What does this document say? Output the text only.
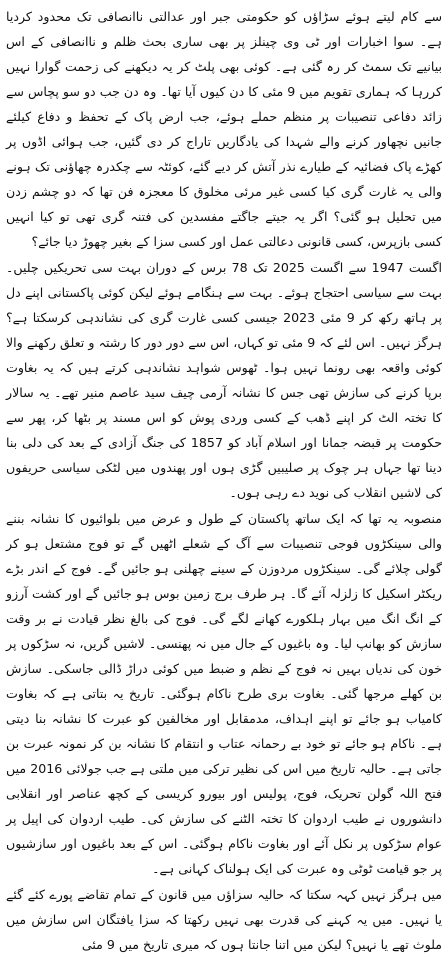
سے کام لیتے ہوئے سڑاؤں کو حکومتی جبر اور عدالتی ناانصافی تک محدود کردیا ہے۔ سوا اخبارات اور ٹی وی چینلز پر بھی ساری بحث ظلم و ناانصافی کے اس بیانیے تک سمٹ کر رہ گئی ہے۔ کوئی بھی پلٹ کر یہ دیکھنے کی زحمت گوارا نہیں کررہا کہ ہماری تقویم میں 9 مئی کا دن کیوں آیا تھا۔ وہ دن جب دو سو پچاس سے زائد دفاعی تنصیبات پر منظم حملے ہوئے، جب ارض پاک کے تحفظ و دفاع کیلئے جانیں نچھاور کرنے والے شہدا کی یادگاریں تاراج کر دی گئیں، جب ہوائی اڈوں پر کھڑے پاک فضائیہ کے طیارے نذر آتش کر دیے گئے، کوئٹہ سے چکدرہ چھاؤنی تک ہونے والی یہ غارت گری کیا کسی غیر مرئی مخلوق کا معجزہ فن تھا کہ دو چشم زدن میں تحلیل ہو گئی؟ اگر یہ جیتے جاگتے مفسدین کی فتنہ گری تھی تو کیا انہیں کسی بازپرس، کسی قانونی دعالتی عمل اور کسی سزا کے بغیر چھوڑ دیا جائے؟

اگست 1947 سے اگست 2025 تک 78 برس کے دوران بہت سی تحریکیں چلیں۔ بہت سے سیاسی احتجاج ہوئے۔ بہت سے ہنگامے ہوئے لیکن کوئی پاکستانی اپنے دل پر ہاتھ رکھ کر 9 مئی 2023 جیسی کسی غارت گری کی نشاندہی کرسکتا ہے؟ ہرگز نہیں۔ اس لئے کہ 9 مئی تو کہاں، اس سے دور دور کا رشتہ و تعلق رکھنے والا کوئی واقعہ بھی رونما نہیں ہوا۔ ٹھوس شواہد نشاندہی کرتے ہیں کہ یہ بغاوت برپا کرنے کی سازش تھی جس کا نشانہ آرمی چیف سید عاصم منیر تھے۔ یہ سالار کا تختہ الٹ کر اپنے ڈھب کے کسی وردی پوش کو اس مسند پر بٹھا کر، پھر سے حکومت پر قبضہ جمانا اور اسلام آباد کو 1857 کی جنگ آزادی کے بعد کی دلی بنا دینا تھا جہاں ہر چوک پر صلیبیں گڑی ہوں اور پھندوں میں لٹکی سیاسی حریفوں کی لاشیں انقلاب کی نوید دے رہی ہوں۔

منصوبہ یہ تھا کہ ایک ساتھ پاکستان کے طول و عرض میں بلوائیوں کا نشانہ بننے والی سینکڑوں فوجی تنصیبات سے آگ کے شعلے اٹھیں گے تو فوج مشتعل ہو کر گولی چلائے گی۔ سینکڑوں مردوزن کے سینے چھلنی ہو جائیں گے۔ فوج کے اندر بڑے ریکٹر اسکیل کا زلزلہ آئے گا۔ ہر طرف برج زمین بوس ہو جائیں گے اور کشت آرزو کے انگ انگ میں بہار ہلکورے کھانے لگے گی۔ فوج کی بالغ نظر قیادت نے بر وقت سازش کو بھانپ لیا۔ وہ باغیوں کے جال میں نہ پھنسی۔ لاشیں گریں، نہ سڑکوں پر خون کی ندیاں بہیں نہ فوج کے نظم و ضبط میں کوئی دراڑ ڈالی جاسکی۔ سازش بن کھلے مرجھا گئی۔ بغاوت بری طرح ناکام ہوگئی۔ تاریخ یہ بتاتی ہے کہ بغاوت کامیاب ہو جائے تو اپنے اہداف، مدمقابل اور مخالفین کو عبرت کا نشانہ بنا دیتی ہے۔ ناکام ہو جائے تو خود بے رحمانہ عتاب و انتقام کا نشانہ بن کر نمونہ عبرت بن جاتی ہے۔ حالیہ تاریخ میں اس کی نظیر ترکی میں ملتی ہے جب جولائی 2016 میں فتح اللہ گولن تحریک، فوج، پولیس اور بیورو کریسی کے کچھ عناصر اور انقلابی دانشوروں نے طیب اردوان کا تختہ الٹنے کی سازش کی۔ طیب اردوان کی اپیل پر عوام سڑکوں پر نکل آئے اور بغاوت ناکام ہوگئی۔ اس کے بعد باغیوں اور سازشیوں پر جو قیامت ٹوٹی وہ عبرت کی ایک ہولناک کہانی ہے۔

میں ہرگز نہیں کہہ سکتا کہ حالیہ سزاؤں میں قانون کے تمام تقاضے پورے کئے گئے یا نہیں۔ میں یہ کہنے کی قدرت بھی نہیں رکھتا کہ سزا یافتگان اس سازش میں ملوث تھے یا نہیں؟ لیکن میں اتنا جانتا ہوں کہ میری تاریخ میں 9 مئی
